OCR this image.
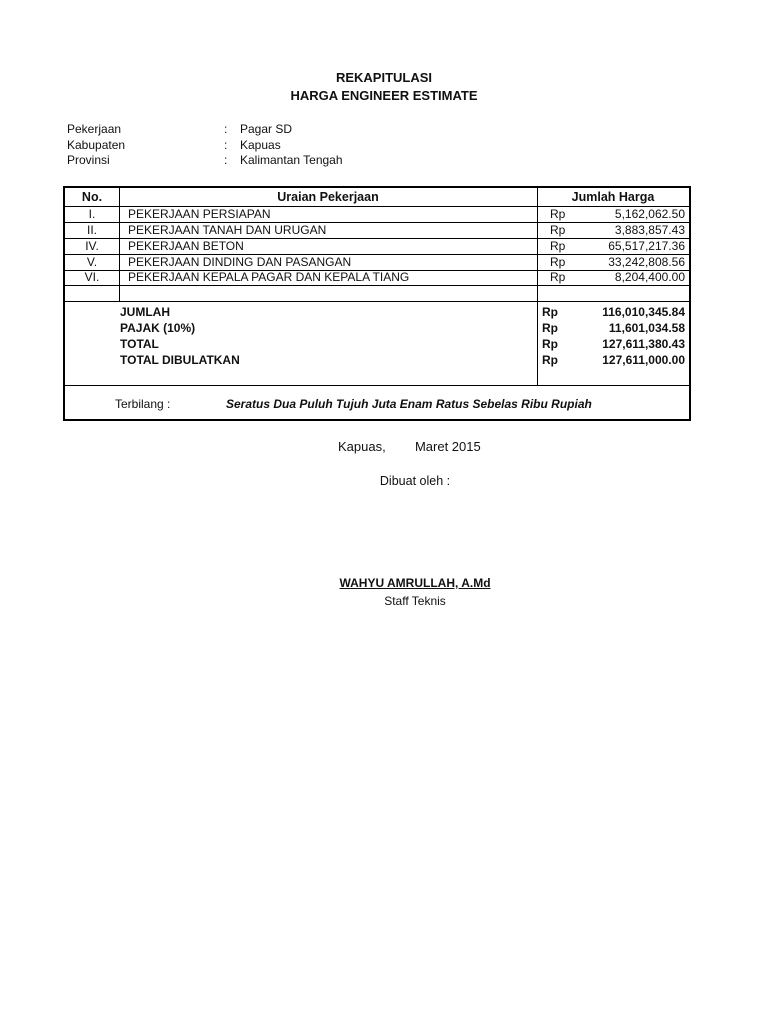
REKAPITULASI
HARGA ENGINEER ESTIMATE
Pekerjaan	: Pagar SD
Kabupaten	: Kapuas
Provinsi	: Kalimantan Tengah
No.	Uraian Pekerjaan	Jumlah Harga
I.	PEKERJAAN PERSIAPAN	Rp	5,162,062.50
II.	PEKERJAAN TANAH DAN URUGAN	Rp	3,883,857.43
IV.	PEKERJAAN BETON	Rp	65,517,217.36
V.	PEKERJAAN DINDING DAN PASANGAN	Rp	33,242,808.56
VI.	PEKERJAAN KEPALA PAGAR DAN KEPALA TIANG	Rp	8,204,400.00
JUMLAH	Rp	116,010,345.84
PAJAK (10%)	Rp	11,601,034.58
TOTAL	Rp	127,611,380.43
TOTAL DIBULATKAN	Rp	127,611,000.00
Terbilang :	Seratus Dua Puluh Tujuh Juta Enam Ratus Sebelas Ribu Rupiah
Kapuas, Maret 2015
Dibuat oleh :
WAHYU AMRULLAH, A.Md
Staff Teknis
